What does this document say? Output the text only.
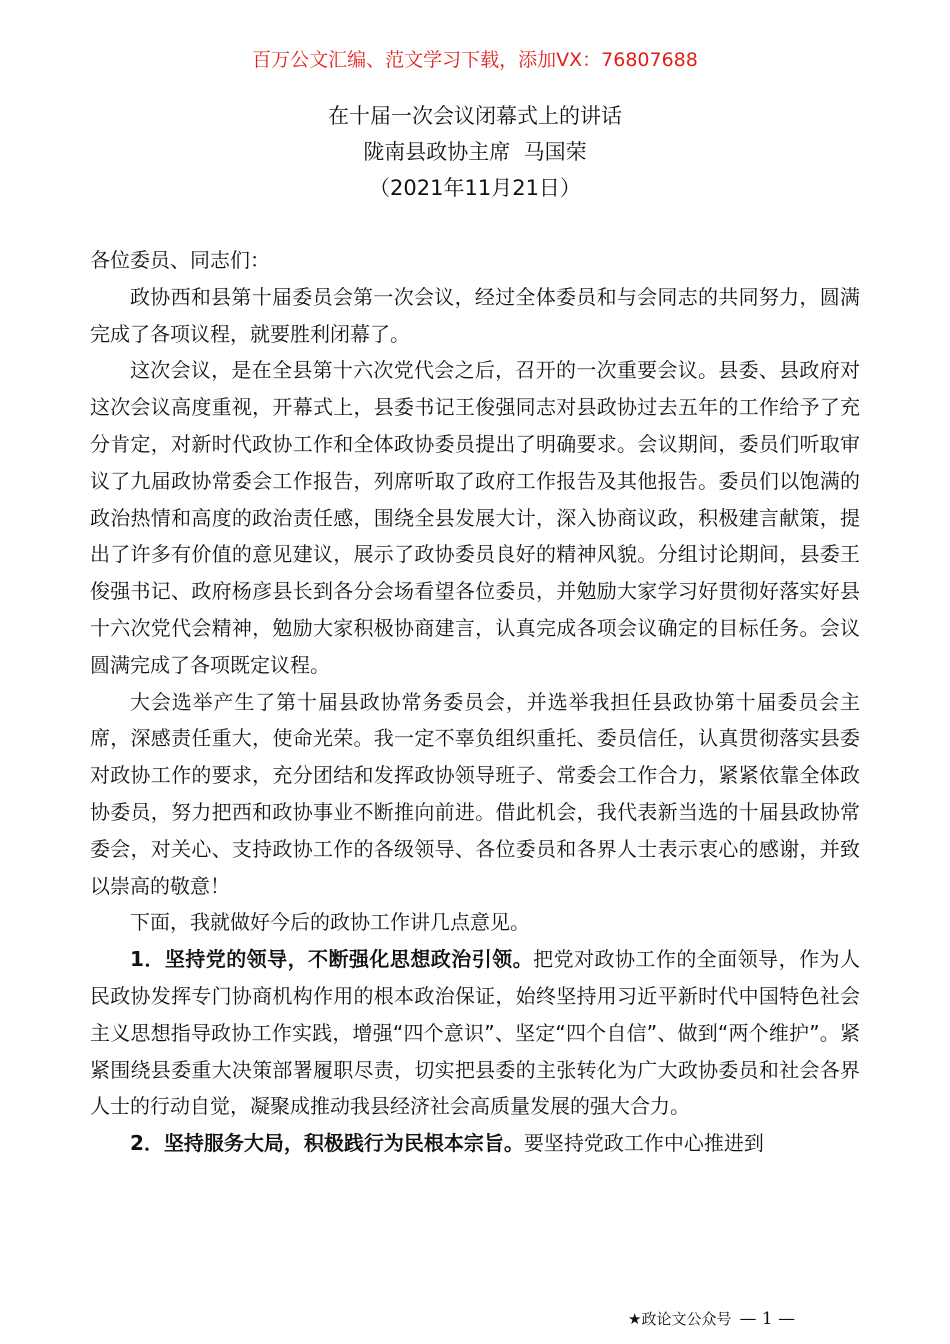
百万公文汇编、范文学习下载，添加VX：76807688
在十届一次会议闭幕式上的讲话
陇南县政协主席  马国荣
（2021年11月21日）

各位委员、同志们：

政协西和县第十届委员会第一次会议，经过全体委员和与会同志的共同努力，圆满完成了各项议程，就要胜利闭幕了。

这次会议，是在全县第十六次党代会之后，召开的一次重要会议。县委、县政府对这次会议高度重视，开幕式上，县委书记王俊强同志对县政协过去五年的工作给予了充分肯定，对新时代政协工作和全体政协委员提出了明确要求。会议期间，委员们听取审议了九届政协常委会工作报告，列席听取了政府工作报告及其他报告。委员们以饱满的政治热情和高度的政治责任感，围绕全县发展大计，深入协商议政，积极建言献策，提出了许多有价值的意见建议，展示了政协委员良好的精神风貌。分组讨论期间，县委王俊强书记、政府杨彦县长到各分会场看望各位委员，并勉励大家学习好贯彻好落实好县十六次党代会精神，勉励大家积极协商建言，认真完成各项会议确定的目标任务。会议圆满完成了各项既定议程。

大会选举产生了第十届县政协常务委员会，并选举我担任县政协第十届委员会主席，深感责任重大，使命光荣。我一定不辜负组织重托、委员信任，认真贯彻落实县委对政协工作的要求，充分团结和发挥政协领导班子、常委会工作合力，紧紧依靠全体政协委员，努力把西和政协事业不断推向前进。借此机会，我代表新当选的十届县政协常委会，对关心、支持政协工作的各级领导、各位委员和各界人士表示衷心的感谢，并致以崇高的敬意！

下面，我就做好今后的政协工作讲几点意见。

1．坚持党的领导，不断强化思想政治引领。把党对政协工作的全面领导，作为人民政协发挥专门协商机构作用的根本政治保证，始终坚持用习近平新时代中国特色社会主义思想指导政协工作实践，增强“四个意识”、坚定“四个自信”、做到“两个维护”。紧紧围绕县委重大决策部署履职尽责，切实把县委的主张转化为广大政协委员和社会各界人士的行动自觉，凝聚成推动我县经济社会高质量发展的强大合力。

2．坚持服务大局，积极践行为民根本宗旨。要坚持党政工作中心推进到

★政论文公众号 — 1 —
